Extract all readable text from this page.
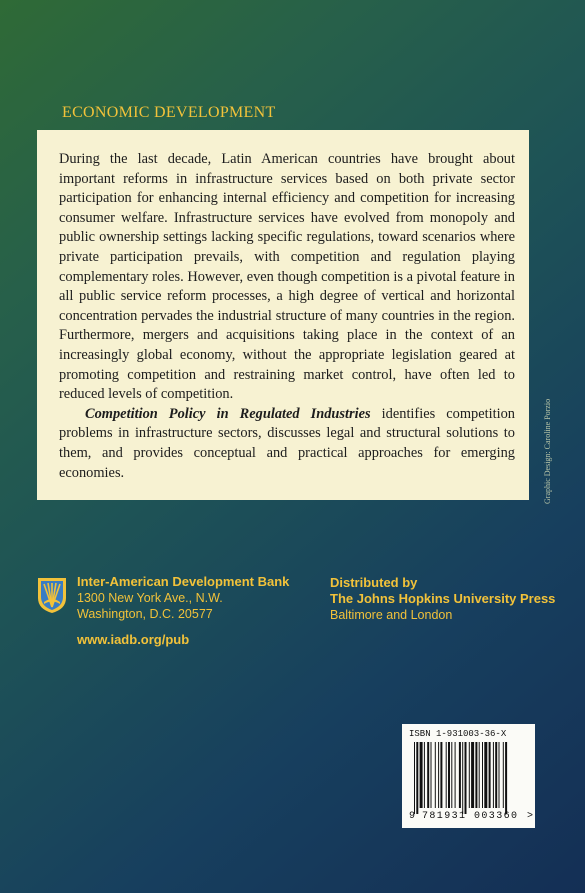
ECONOMIC DEVELOPMENT

During the last decade, Latin American countries have brought about important reforms in infrastructure services based on both private sector participation for enhancing internal efficiency and competition for increasing consumer welfare. Infrastructure services have evolved from monopoly and public ownership settings lacking specific regulations, toward scenarios where private participation prevails, with competition and regulation playing complementary roles. However, even though competition is a pivotal feature in all public service reform processes, a high degree of vertical and horizontal concentration pervades the industrial structure of many countries in the region. Furthermore, mergers and acquisitions taking place in the context of an increasingly global economy, without the appropriate legislation geared at promoting competition and restraining market control, have often led to reduced levels of competition.

Competition Policy in Regulated Industries identifies competition problems in infrastructure sectors, discusses legal and structural solutions to them, and provides conceptual and practical approaches for emerging economies.	Graphic Design: Caroline Porzio
Inter-American Development Bank
1300 New York Ave., N.W.
Washington, D.C. 20577
www.iadb.org/pub
Distributed by
The Johns Hopkins University Press
Baltimore and London
ISBN 1-931003-36-X
9 781931 003360 >
